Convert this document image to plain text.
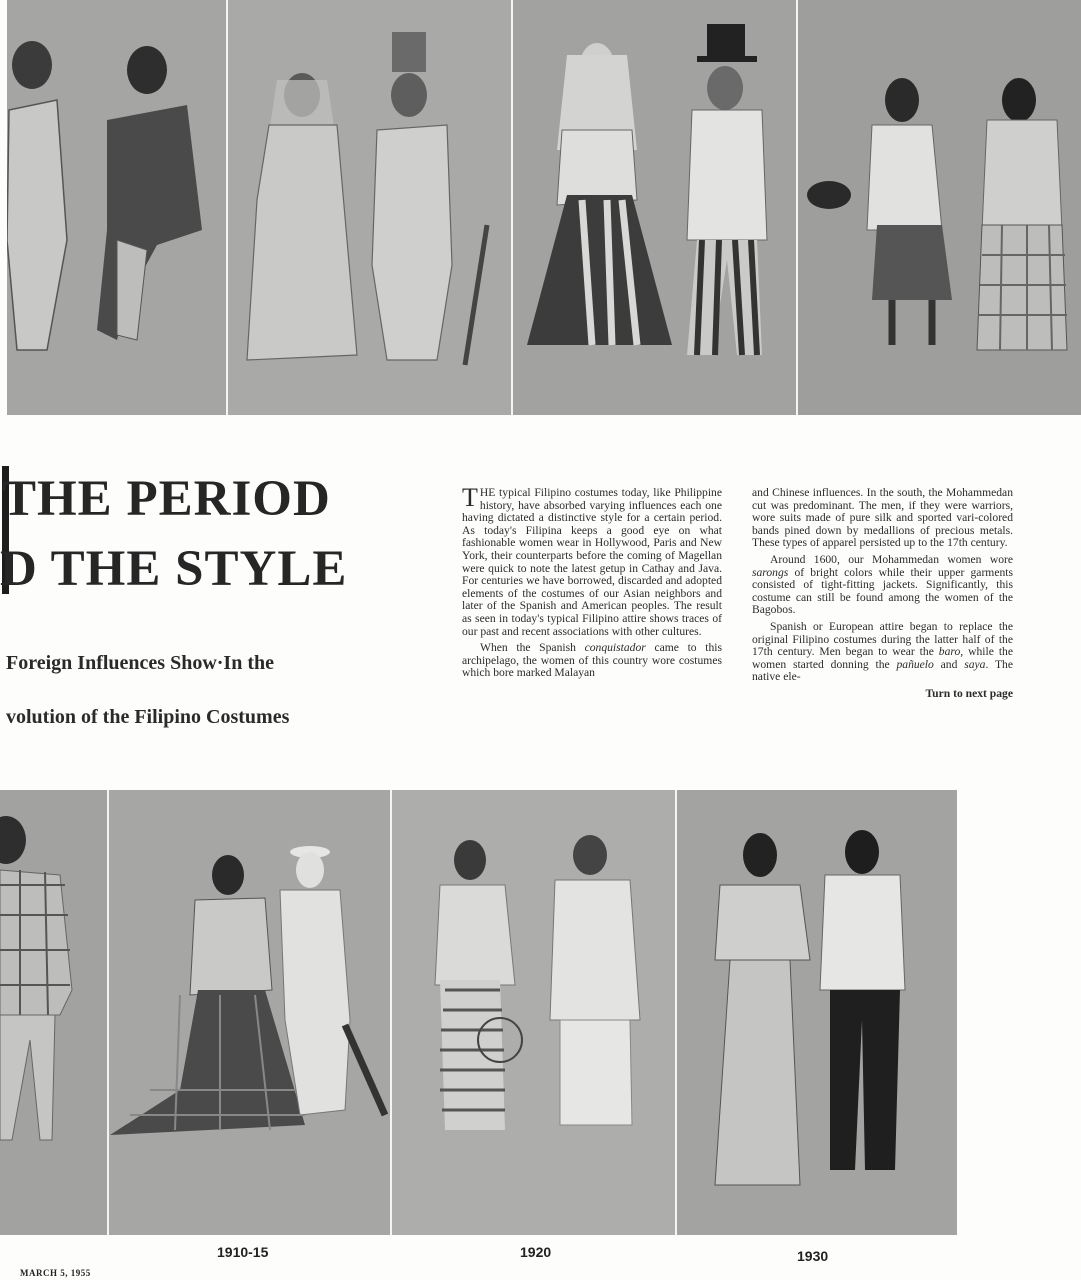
THE PERIOD
D THE STYLE
Foreign Influences Show·In the
volution of the Filipino Costumes

THE typical Filipino costumes today, like Philippine history, have absorbed varying influences each one having dictated a distinctive style for a certain period. As today's Filipina keeps a good eye on what fashionable women wear in Hollywood, Paris and New York, their counterparts before the coming of Magellan were quick to note the latest getup in Cathay and Java. For centuries we have borrowed, discarded and adopted elements of the costumes of our Asian neighbors and later of the Spanish and American peoples. The result as seen in today's typical Filipino attire shows traces of our past and recent associations with other cultures.

When the Spanish conquistador came to this archipelago, the women of this country wore costumes which bore marked Malayan

and Chinese influences. In the south, the Mohammedan cut was predominant. The men, if they were warriors, wore suits made of pure silk and sported vari-colored bands pined down by medallions of precious metals. These types of apparel persisted up to the 17th century.

Around 1600, our Mohammedan women wore sarongs of bright colors while their upper garments consisted of tight-fitting jackets. Significantly, this costume can still be found among the women of the Bagobos.

Spanish or European attire began to replace the original Filipino costumes during the latter half of the 17th century. Men began to wear the baro, while the women started donning the pañuelo and saya. The native ele-

Turn to next page
1910-15	1920	1930
MARCH 5, 1955
